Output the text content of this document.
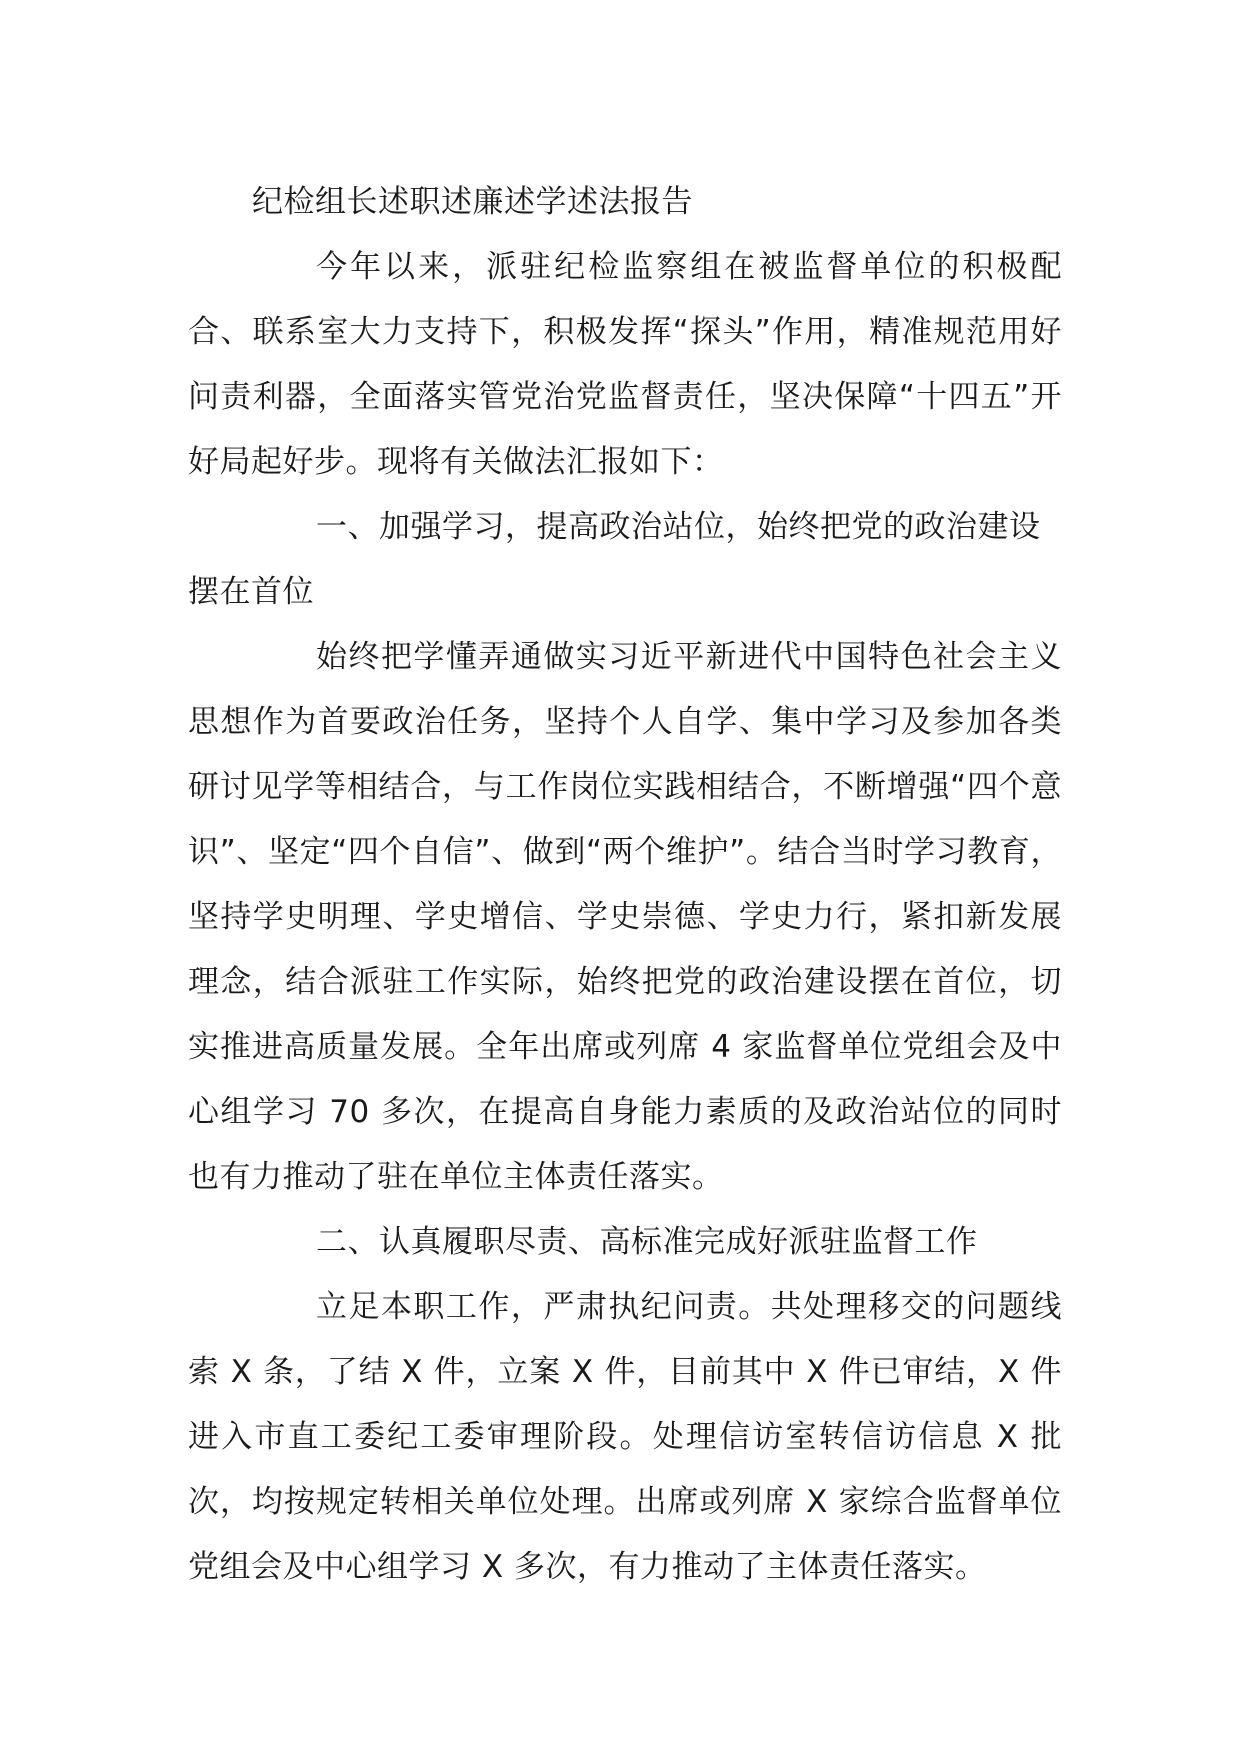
纪检组长述职述廉述学述法报告

今年以来，派驻纪检监察组在被监督单位的积极配合、联系室大力支持下，积极发挥“探头”作用，精准规范用好问责利器，全面落实管党治党监督责任，坚决保障“十四五”开好局起好步。现将有关做法汇报如下：

一、加强学习，提高政治站位，始终把党的政治建设摆在首位

始终把学懂弄通做实习近平新进代中国特色社会主义思想作为首要政治任务，坚持个人自学、集中学习及参加各类研讨见学等相结合，与工作岗位实践相结合，不断增强“四个意识”、坚定“四个自信”、做到“两个维护”。结合当时学习教育，坚持学史明理、学史增信、学史崇德、学史力行，紧扣新发展理念，结合派驻工作实际，始终把党的政治建设摆在首位，切实推进高质量发展。全年出席或列席 4 家监督单位党组会及中心组学习 70 多次，在提高自身能力素质的及政治站位的同时也有力推动了驻在单位主体责任落实。

二、认真履职尽责、高标准完成好派驻监督工作

立足本职工作，严肃执纪问责。共处理移交的问题线索 X 条，了结 X 件，立案 X 件，目前其中 X 件已审结，X 件进入市直工委纪工委审理阶段。处理信访室转信访信息 X 批次，均按规定转相关单位处理。出席或列席 X 家综合监督单位党组会及中心组学习 X 多次，有力推动了主体责任落实。
